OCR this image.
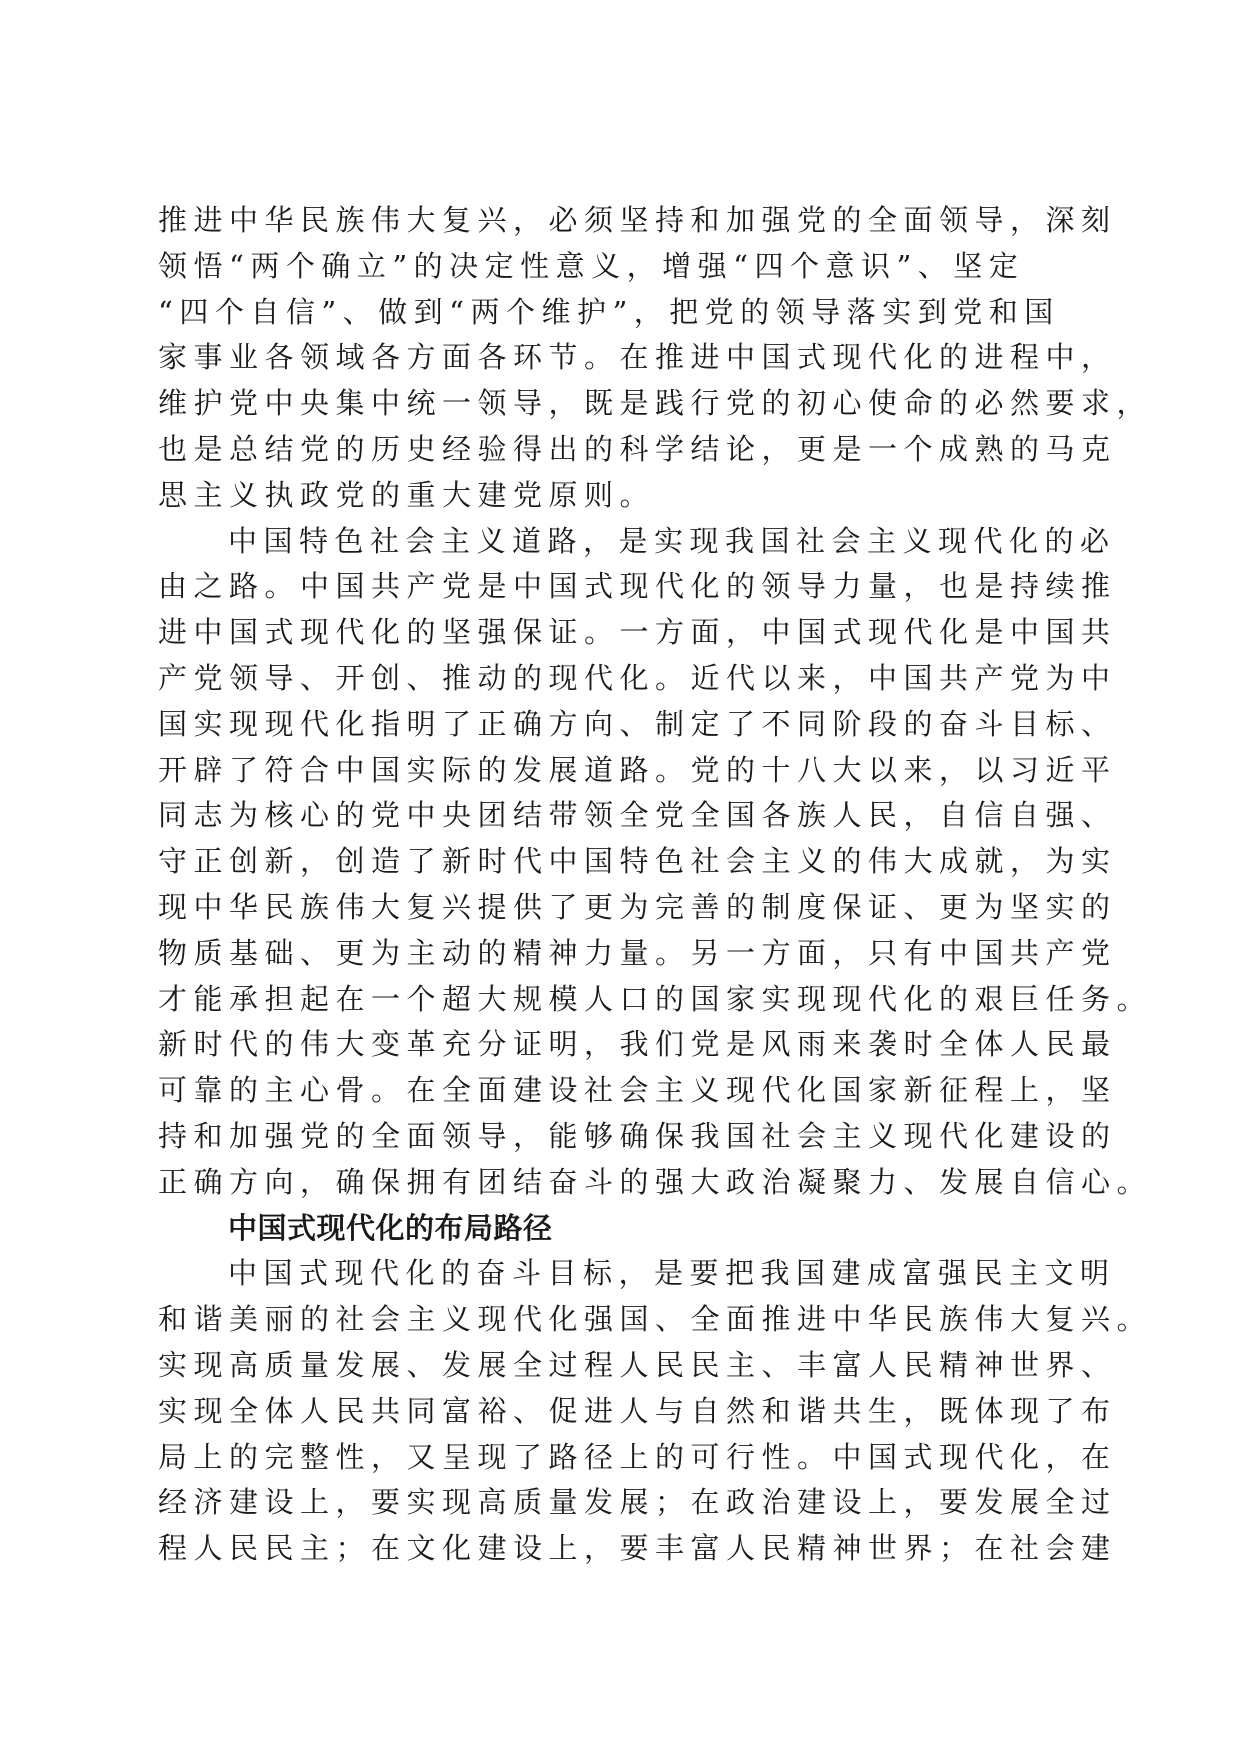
推进中华民族伟大复兴，必须坚持和加强党的全面领导，深刻
领悟“两个确立”的决定性意义，增强“四个意识”、坚定
“四个自信”、做到“两个维护”，把党的领导落实到党和国
家事业各领域各方面各环节。在推进中国式现代化的进程中，
维护党中央集中统一领导，既是践行党的初心使命的必然要求，
也是总结党的历史经验得出的科学结论，更是一个成熟的马克
思主义执政党的重大建党原则。
中国特色社会主义道路，是实现我国社会主义现代化的必
由之路。中国共产党是中国式现代化的领导力量，也是持续推
进中国式现代化的坚强保证。一方面，中国式现代化是中国共
产党领导、开创、推动的现代化。近代以来，中国共产党为中
国实现现代化指明了正确方向、制定了不同阶段的奋斗目标、
开辟了符合中国实际的发展道路。党的十八大以来，以习近平
同志为核心的党中央团结带领全党全国各族人民，自信自强、
守正创新，创造了新时代中国特色社会主义的伟大成就，为实
现中华民族伟大复兴提供了更为完善的制度保证、更为坚实的
物质基础、更为主动的精神力量。另一方面，只有中国共产党
才能承担起在一个超大规模人口的国家实现现代化的艰巨任务。
新时代的伟大变革充分证明，我们党是风雨来袭时全体人民最
可靠的主心骨。在全面建设社会主义现代化国家新征程上，坚
持和加强党的全面领导，能够确保我国社会主义现代化建设的
正确方向，确保拥有团结奋斗的强大政治凝聚力、发展自信心。
中国式现代化的布局路径
中国式现代化的奋斗目标，是要把我国建成富强民主文明
和谐美丽的社会主义现代化强国、全面推进中华民族伟大复兴。
实现高质量发展、发展全过程人民民主、丰富人民精神世界、
实现全体人民共同富裕、促进人与自然和谐共生，既体现了布
局上的完整性，又呈现了路径上的可行性。中国式现代化，在
经济建设上，要实现高质量发展；在政治建设上，要发展全过
程人民民主；在文化建设上，要丰富人民精神世界；在社会建
